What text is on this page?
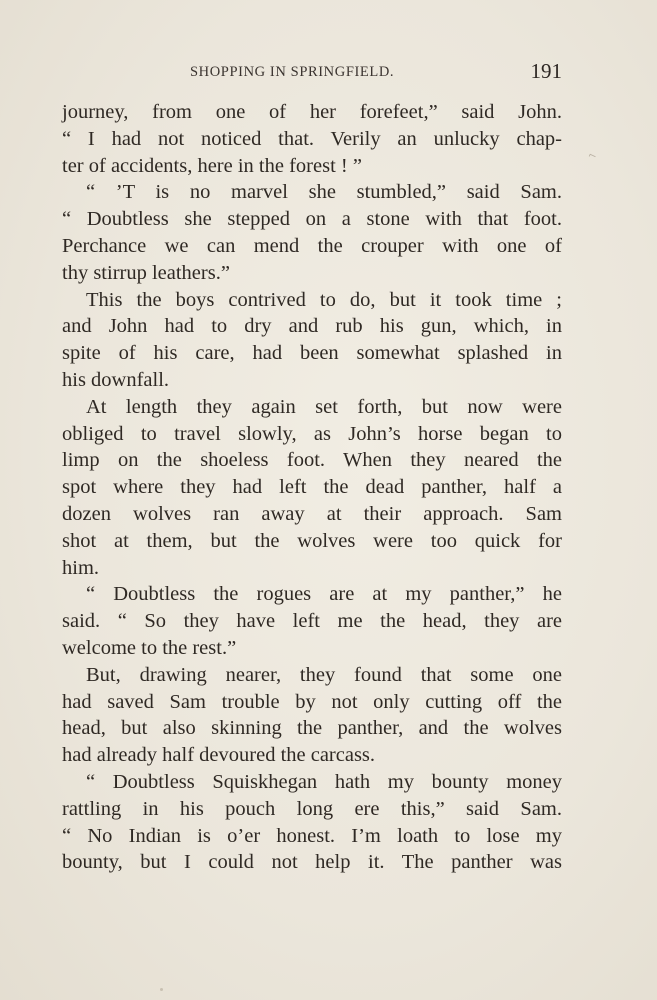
SHOPPING IN SPRINGFIELD.	191
journey, from one of her forefeet,” said John.
“ I had not noticed that. Verily an unlucky chap-
ter of accidents, here in the forest ! ”
“ ’T is no marvel she stumbled,” said Sam.
“ Doubtless she stepped on a stone with that foot.
Perchance we can mend the crouper with one of
thy stirrup leathers.”
This the boys contrived to do, but it took time ;
and John had to dry and rub his gun, which, in
spite of his care, had been somewhat splashed in
his downfall.
At length they again set forth, but now were
obliged to travel slowly, as John’s horse began to
limp on the shoeless foot. When they neared the
spot where they had left the dead panther, half a
dozen wolves ran away at their approach. Sam
shot at them, but the wolves were too quick for
him.
“ Doubtless the rogues are at my panther,” he
said. “ So they have left me the head, they are
welcome to the rest.”
But, drawing nearer, they found that some one
had saved Sam trouble by not only cutting off the
head, but also skinning the panther, and the wolves
had already half devoured the carcass.
“ Doubtless Squiskhegan hath my bounty money
rattling in his pouch long ere this,” said Sam.
“ No Indian is o’er honest. I’m loath to lose my
bounty, but I could not help it. The panther was
⌐
